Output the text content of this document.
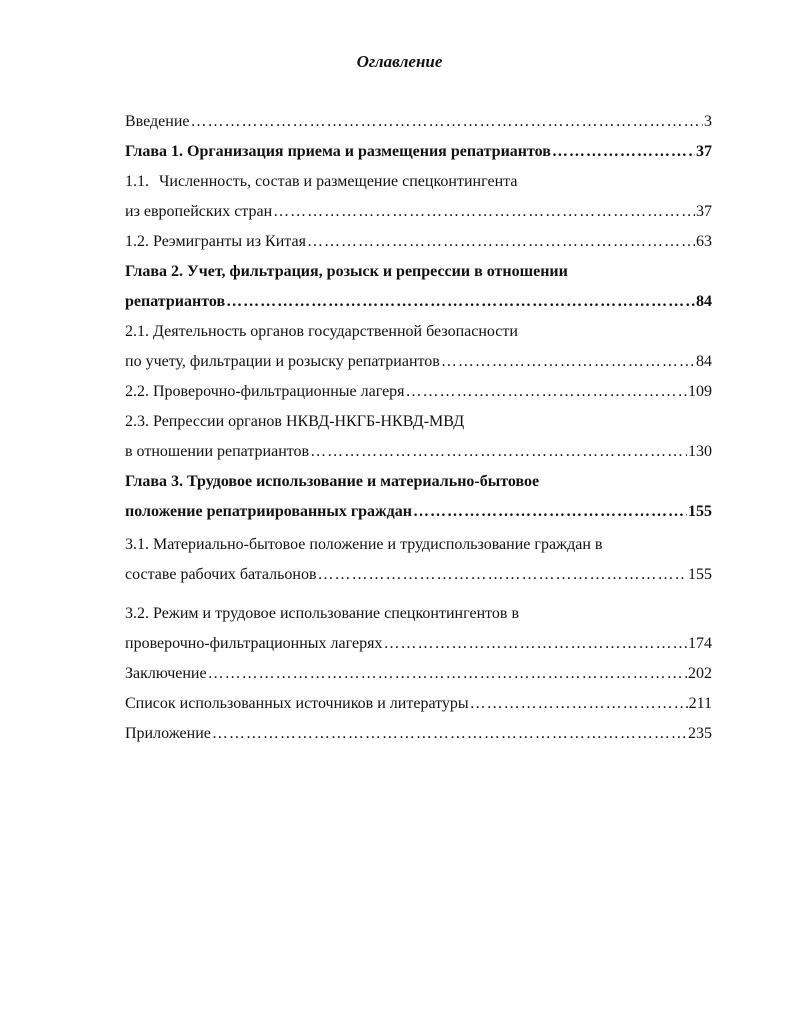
Оглавление
Введение ……………………………………………………………………………………………………………………………………………………	3
Глава 1. Организация приема и размещения репатриантов ……………………………………………………………………………………………………………………………………………………	37
1.1. Численность, состав и размещение спецконтингента
из европейских стран ……………………………………………………………………………………………………………………………………………………	37
1.2. Реэмигранты из Китая ……………………………………………………………………………………………………………………………………………………	63
Глава 2. Учет, фильтрация, розыск и репрессии в отношении
репатриантов ……………………………………………………………………………………………………………………………………………………	84
2.1. Деятельность органов государственной безопасности
по учету, фильтрации и розыску репатриантов ……………………………………………………………………………………………………………………………………………………	84
2.2. Проверочно-фильтрационные лагеря ……………………………………………………………………………………………………………………………………………………	109
2.3. Репрессии органов НКВД-НКГБ-НКВД-МВД
в отношении репатриантов ……………………………………………………………………………………………………………………………………………………	130
Глава 3. Трудовое использование и материально-бытовое
положение репатриированных граждан ……………………………………………………………………………………………………………………………………………………	155
3.1. Материально-бытовое положение и трудиспользование граждан в
составе рабочих батальонов ……………………………………………………………………………………………………………………………………………………	155
3.2. Режим и трудовое использование спецконтингентов в
проверочно-фильтрационных лагерях ……………………………………………………………………………………………………………………………………………………	174
Заключение ……………………………………………………………………………………………………………………………………………………	202
Список использованных источников и литературы ……………………………………………………………………………………………………………………………………………………	211
Приложение ……………………………………………………………………………………………………………………………………………………	235
